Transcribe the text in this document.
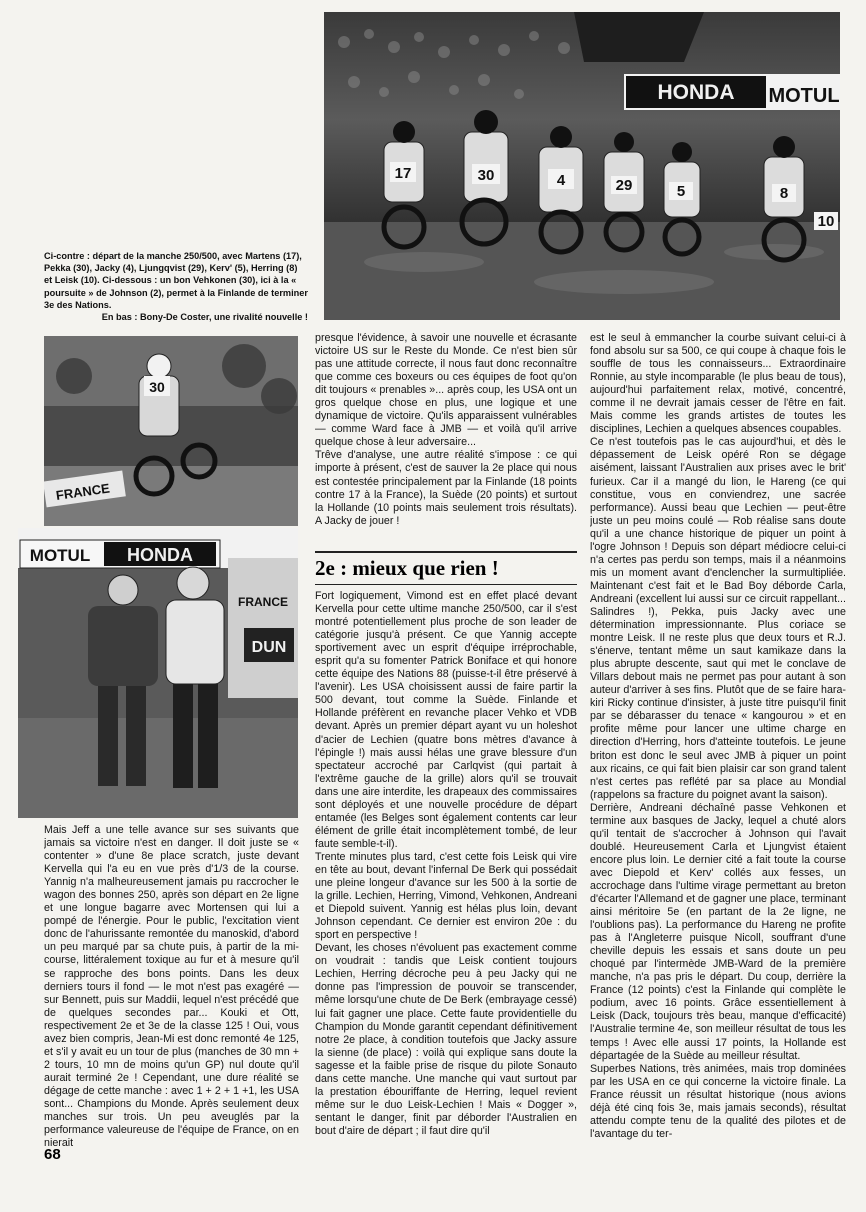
HONDA MOTUL
17	30	4	29	5	8
10
Ci-contre : départ de la manche 250/500, avec Martens (17), Pekka (30), Jacky (4), Ljungqvist (29), Kerv' (5), Herring (8) et Leisk (10). Ci-dessous : un bon Vehkonen (30), ici à la « poursuite » de Johnson (2), permet à la Finlande de terminer 3e des Nations.

En bas : Bony-De Coster, une rivalité nouvelle !
FRANCE
30
MOTUL HONDA
FRANCE
DUN

Mais Jeff a une telle avance sur ses suivants que jamais sa victoire n'est en danger. Il doit juste se « contenter » d'une 8e place scratch, juste devant Kervella qui l'a eu en vue près d'1/3 de la course. Yannig n'a malheureusement jamais pu raccrocher le wagon des bonnes 250, après son départ en 2e ligne et une longue bagarre avec Mortensen qui lui a pompé de l'énergie. Pour le public, l'excitation vient donc de l'ahurissante remontée du manoskid, d'abord un peu marqué par sa chute puis, à partir de la mi-course, littéralement toxique au fur et à mesure qu'il se rapproche des bons points. Dans les deux derniers tours il fond — le mot n'est pas exagéré — sur Bennett, puis sur Maddii, lequel n'est précédé que de quelques secondes par... Kouki et Ott, respectivement 2e et 3e de la classe 125 ! Oui, vous avez bien compris, Jean-Mi est donc remonté 4e 125, et s'il y avait eu un tour de plus (manches de 30 mn + 2 tours, 10 mn de moins qu'un GP) nul doute qu'il aurait terminé 2e ! Cependant, une dure réalité se dégage de cette manche : avec 1 + 2 + 1 +1, les USA sont... Champions du Monde. Après seulement deux manches sur trois. Un peu aveuglés par la performance valeureuse de l'équipe de France, on en nierait

presque l'évidence, à savoir une nouvelle et écrasante victoire US sur le Reste du Monde. Ce n'est bien sûr pas une attitude correcte, il nous faut donc reconnaître que comme ces boxeurs ou ces équipes de foot qu'on dit toujours « prenables »... après coup, les USA ont un gros quelque chose en plus, une logique et une dynamique de victoire. Qu'ils apparaissent vulnérables — comme Ward face à JMB — et voilà qu'il arrive quelque chose à leur adversaire...
Trêve d'analyse, une autre réalité s'impose : ce qui importe à présent, c'est de sauver la 2e place qui nous est contestée principalement par la Finlande (18 points contre 17 à la France), la Suède (20 points) et surtout la Hollande (10 points mais seulement trois résultats). A Jacky de jouer !

2e : mieux que rien !

Fort logiquement, Vimond est en effet placé devant Kervella pour cette ultime manche 250/500, car il s'est montré potentiellement plus proche de son leader de catégorie jusqu'à présent. Ce que Yannig accepte sportivement avec un esprit d'équipe irréprochable, esprit qu'a su fomenter Patrick Boniface et qui honore cette équipe des Nations 88 (puisse-t-il être préservé à l'avenir). Les USA choisissent aussi de faire partir la 500 devant, tout comme la Suède. Finlande et Hollande préfèrent en revanche placer Vehko et VDB devant. Après un premier départ ayant vu un holeshot d'acier de Lechien (quatre bons mètres d'avance à l'épingle !) mais aussi hélas une grave blessure d'un spectateur accroché par Carlqvist (qui partait à l'extrême gauche de la grille) alors qu'il se trouvait dans une aire interdite, les drapeaux des commissaires sont déployés et une nouvelle procédure de départ entamée (les Belges sont également contents car leur élément de grille était incomplètement tombé, de leur faute semble-t-il).
Trente minutes plus tard, c'est cette fois Leisk qui vire en tête au bout, devant l'infernal De Berk qui possédait une pleine longeur d'avance sur les 500 à la sortie de la grille. Lechien, Herring, Vimond, Vehkonen, Andreani et Diepold suivent. Yannig est hélas plus loin, devant Johnson cependant. Ce dernier est environ 20e : du sport en perspective !
Devant, les choses n'évoluent pas exactement comme on voudrait : tandis que Leisk contient toujours Lechien, Herring décroche peu à peu Jacky qui ne donne pas l'impression de pouvoir se transcender, même lorsqu'une chute de De Berk (embrayage cessé) lui fait gagner une place. Cette faute providentielle du Champion du Monde garantit cependant définitivement notre 2e place, à condition toutefois que Jacky assure la sienne (de place) : voilà qui explique sans doute la sagesse et la faible prise de risque du pilote Sonauto dans cette manche. Une manche qui vaut surtout par la prestation ébouriffante de Herring, lequel revient même sur le duo Leisk-Lechien ! Mais « Dogger », sentant le danger, finit par déborder l'Australien en bout d'aire de départ ; il faut dire qu'il

est le seul à emmancher la courbe suivant celui-ci à fond absolu sur sa 500, ce qui coupe à chaque fois le souffle de tous les connaisseurs... Extraordinaire Ronnie, au style incomparable (le plus beau de tous), aujourd'hui parfaitement relax, motivé, concentré, comme il ne devrait jamais cesser de l'être en fait. Mais comme les grands artistes de toutes les disciplines, Lechien a quelques absences coupables.
Ce n'est toutefois pas le cas aujourd'hui, et dès le dépassement de Leisk opéré Ron se dégage aisément, laissant l'Australien aux prises avec le brit' furieux. Car il a mangé du lion, le Hareng (ce qui constitue, vous en conviendrez, une sacrée performance). Aussi beau que Lechien — peut-être juste un peu moins coulé — Rob réalise sans doute qu'il a une chance historique de piquer un point à l'ogre Johnson ! Depuis son départ médiocre celui-ci n'a certes pas perdu son temps, mais il a néanmoins mis un moment avant d'enclencher la surmultipliée. Maintenant c'est fait et le Bad Boy déborde Carla, Andreani (excellent lui aussi sur ce circuit rappellant... Salindres !), Pekka, puis Jacky avec une détermination impressionnante. Plus coriace se montre Leisk. Il ne reste plus que deux tours et R.J. s'énerve, tentant même un saut kamikaze dans la plus abrupte descente, saut qui met le conclave de Villars debout mais ne permet pas pour autant à son auteur d'arriver à ses fins. Plutôt que de se faire hara-kiri Ricky continue d'insister, à juste titre puisqu'il finit par se débarasser du tenace « kangourou » et en profite même pour lancer une ultime charge en direction d'Herring, hors d'atteinte toutefois. Le jeune briton est donc le seul avec JMB à piquer un point aux ricains, ce qui fait bien plaisir car son grand talent n'est certes pas reflété par sa place au Mondial (rappelons sa fracture du poignet avant la saison).
Derrière, Andreani déchaîné passe Vehkonen et termine aux basques de Jacky, lequel a chuté alors qu'il tentait de s'accrocher à Johnson qui l'avait doublé. Heureusement Carla et Ljungvist étaient encore plus loin. Le dernier cité a fait toute la course avec Diepold et Kerv' collés aux fesses, un accrochage dans l'ultime virage permettant au breton d'écarter l'Allemand et de gagner une place, terminant ainsi méritoire 5e (en partant de la 2e ligne, ne l'oublions pas). La performance du Hareng ne profite pas à l'Angleterre puisque Nicoll, souffrant d'une cheville depuis les essais et sans doute un peu choqué par l'intermède JMB-Ward de la première manche, n'a pas pris le départ. Du coup, derrière la France (12 points) c'est la Finlande qui complète le podium, avec 16 points. Grâce essentiellement à Leisk (Dack, toujours très beau, manque d'efficacité) l'Australie termine 4e, son meilleur résultat de tous les temps ! Avec elle aussi 17 points, la Hollande est départagée de la Suède au meilleur résultat.
Superbes Nations, très animées, mais trop dominées par les USA en ce qui concerne la victoire finale. La France réussit un résultat historique (nous avions déjà été cinq fois 3e, mais jamais seconds), résultat attendu compte tenu de la qualité des pilotes et de l'avantage du ter-

68
